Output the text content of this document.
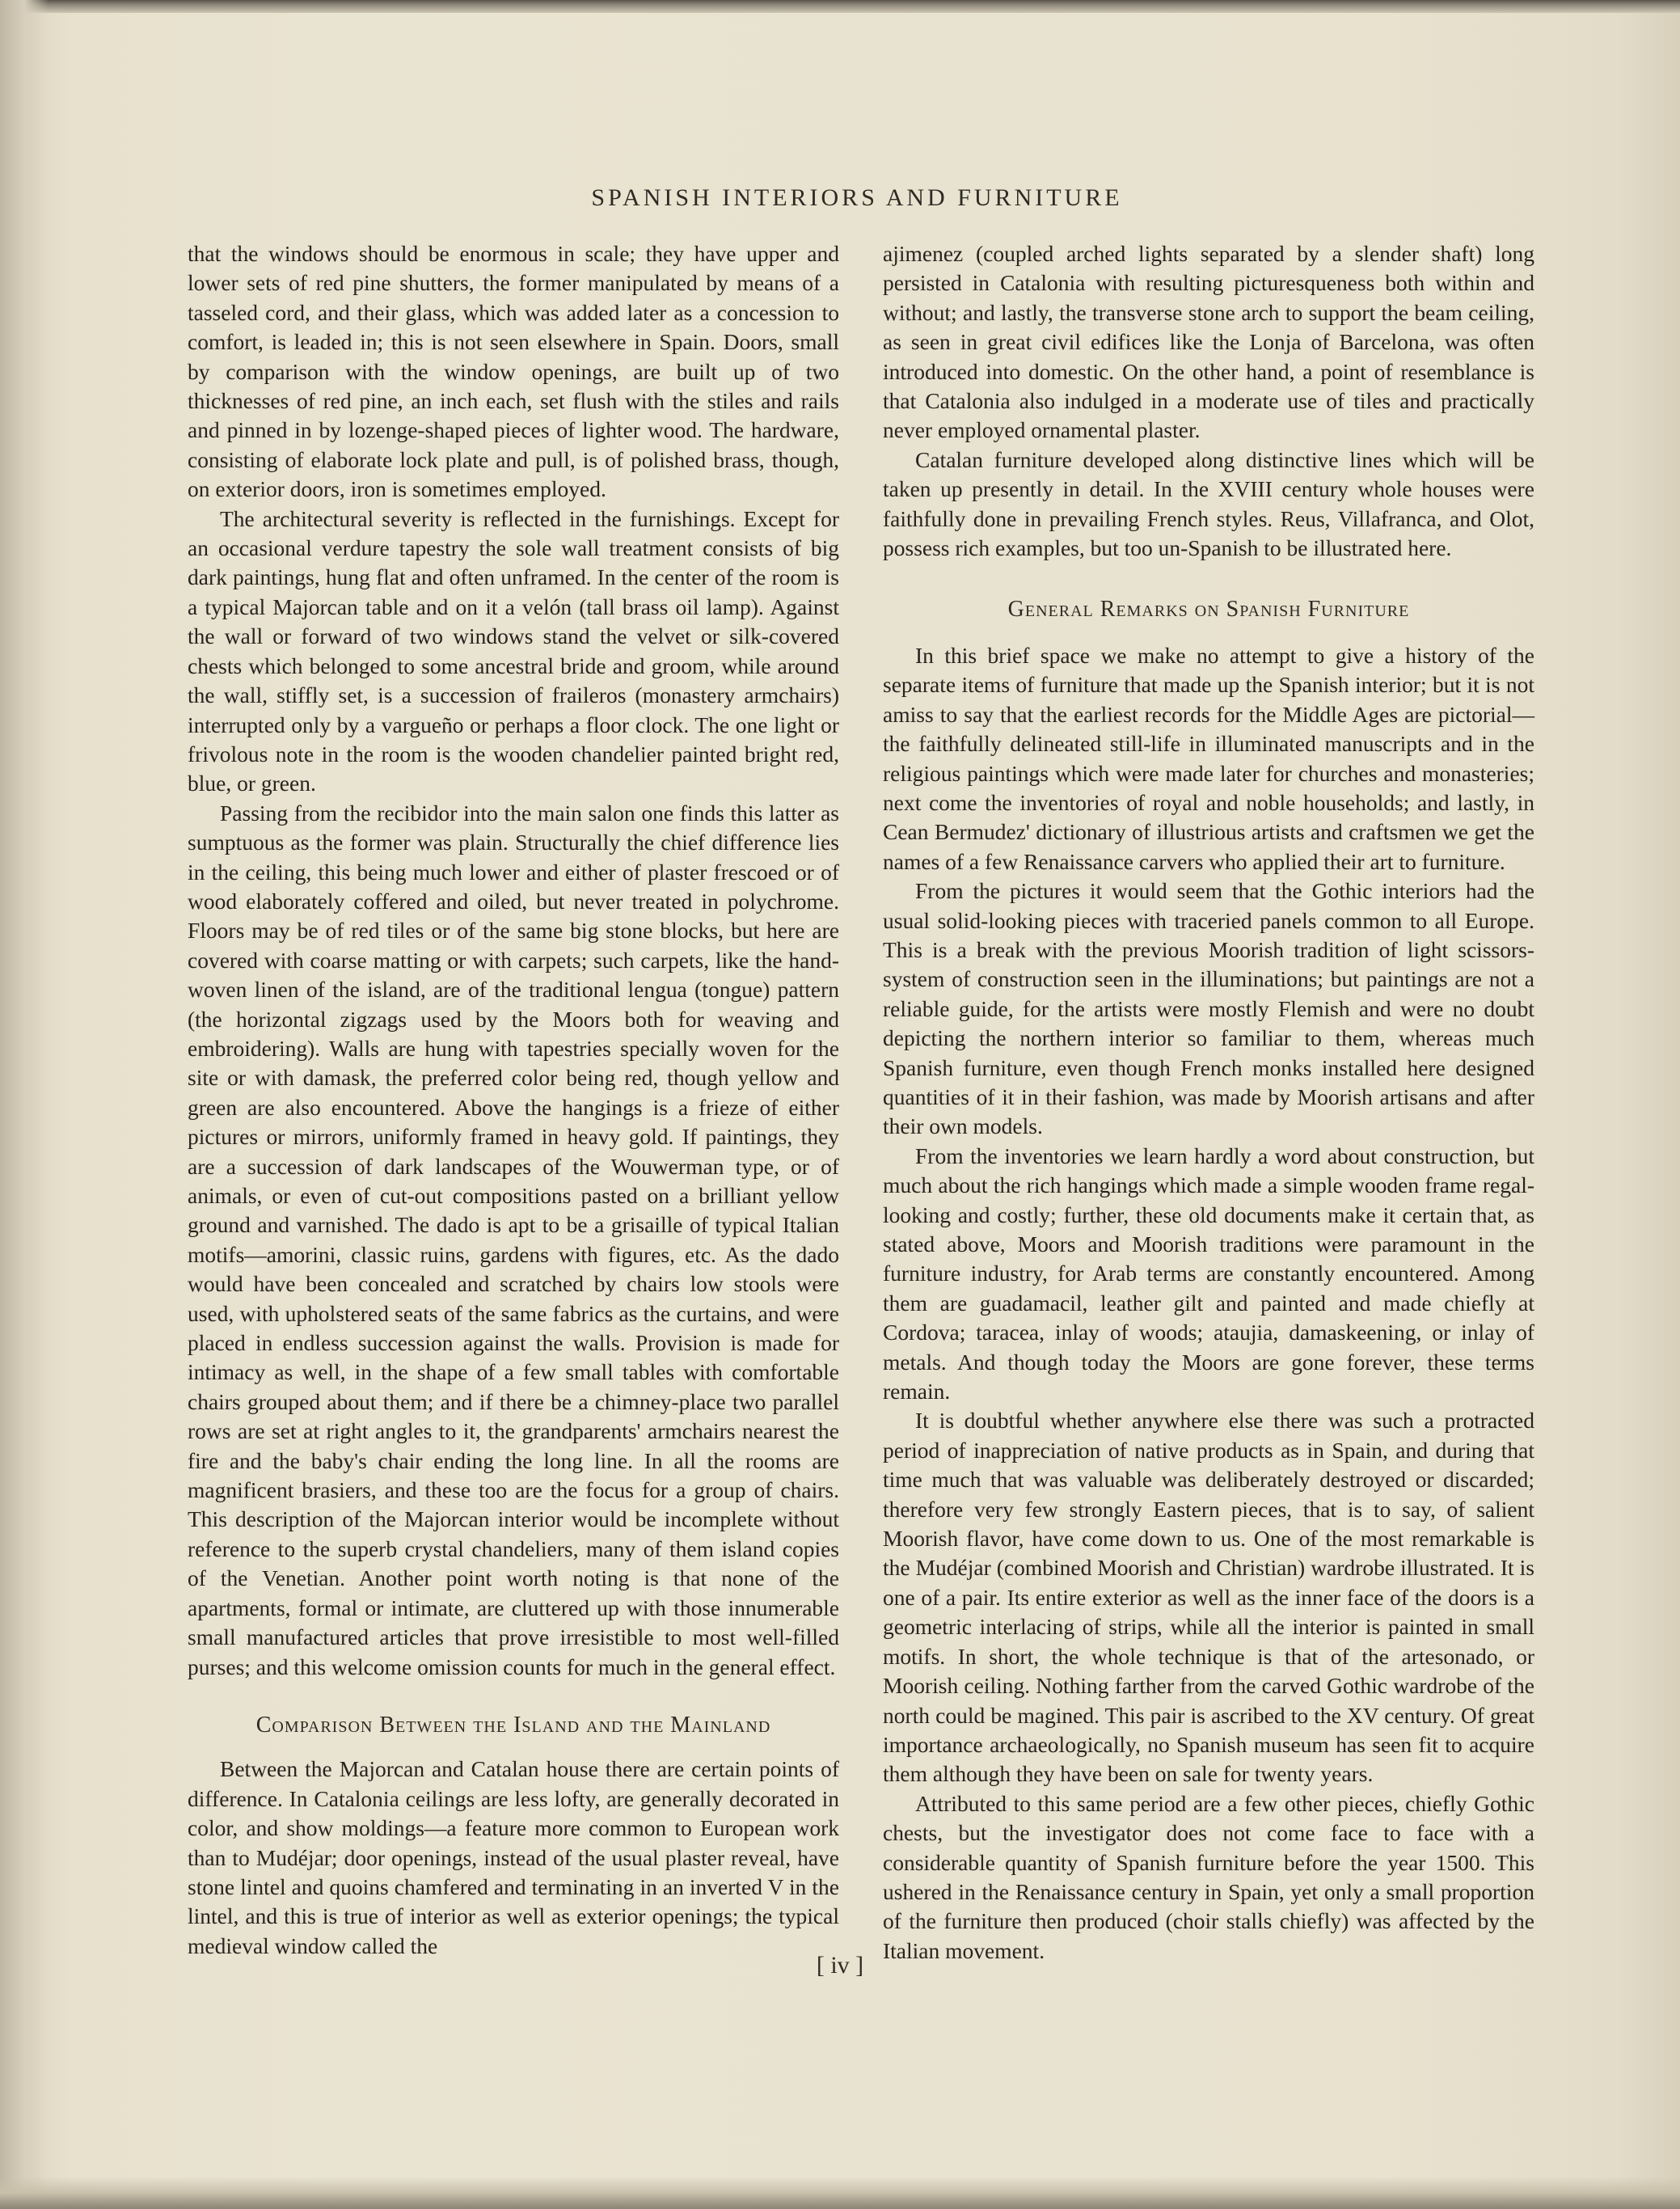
SPANISH INTERIORS AND FURNITURE

that the windows should be enormous in scale; they have upper and lower sets of red pine shutters, the former manipulated by means of a tasseled cord, and their glass, which was added later as a concession to comfort, is leaded in; this is not seen elsewhere in Spain. Doors, small by comparison with the window openings, are built up of two thicknesses of red pine, an inch each, set flush with the stiles and rails and pinned in by lozenge-shaped pieces of lighter wood. The hardware, consisting of elaborate lock plate and pull, is of polished brass, though, on exterior doors, iron is sometimes employed.

The architectural severity is reflected in the furnishings. Except for an occasional verdure tapestry the sole wall treatment consists of big dark paintings, hung flat and often unframed. In the center of the room is a typical Majorcan table and on it a velón (tall brass oil lamp). Against the wall or forward of two windows stand the velvet or silk-covered chests which belonged to some ancestral bride and groom, while around the wall, stiffly set, is a succession of fraileros (monastery armchairs) interrupted only by a vargueño or perhaps a floor clock. The one light or frivolous note in the room is the wooden chandelier painted bright red, blue, or green.

Passing from the recibidor into the main salon one finds this latter as sumptuous as the former was plain. Structurally the chief difference lies in the ceiling, this being much lower and either of plaster frescoed or of wood elaborately coffered and oiled, but never treated in polychrome. Floors may be of red tiles or of the same big stone blocks, but here are covered with coarse matting or with carpets; such carpets, like the hand-woven linen of the island, are of the traditional lengua (tongue) pattern (the horizontal zigzags used by the Moors both for weaving and embroidering). Walls are hung with tapestries specially woven for the site or with damask, the preferred color being red, though yellow and green are also encountered. Above the hangings is a frieze of either pictures or mirrors, uniformly framed in heavy gold. If paintings, they are a succession of dark landscapes of the Wouwerman type, or of animals, or even of cut-out compositions pasted on a brilliant yellow ground and varnished. The dado is apt to be a grisaille of typical Italian motifs—amorini, classic ruins, gardens with figures, etc. As the dado would have been concealed and scratched by chairs low stools were used, with upholstered seats of the same fabrics as the curtains, and were placed in endless succession against the walls. Provision is made for intimacy as well, in the shape of a few small tables with comfortable chairs grouped about them; and if there be a chimney-place two parallel rows are set at right angles to it, the grandparents' armchairs nearest the fire and the baby's chair ending the long line. In all the rooms are magnificent brasiers, and these too are the focus for a group of chairs. This description of the Majorcan interior would be incomplete without reference to the superb crystal chandeliers, many of them island copies of the Venetian. Another point worth noting is that none of the apartments, formal or intimate, are cluttered up with those innumerable small manufactured articles that prove irresistible to most well-filled purses; and this welcome omission counts for much in the general effect.

Comparison Between the Island and the Mainland

Between the Majorcan and Catalan house there are certain points of difference. In Catalonia ceilings are less lofty, are generally decorated in color, and show moldings—a feature more common to European work than to Mudéjar; door openings, instead of the usual plaster reveal, have stone lintel and quoins chamfered and terminating in an inverted V in the lintel, and this is true of interior as well as exterior openings; the typical medieval window called the

ajimenez (coupled arched lights separated by a slender shaft) long persisted in Catalonia with resulting picturesqueness both within and without; and lastly, the transverse stone arch to support the beam ceiling, as seen in great civil edifices like the Lonja of Barcelona, was often introduced into domestic. On the other hand, a point of resemblance is that Catalonia also indulged in a moderate use of tiles and practically never employed ornamental plaster.

Catalan furniture developed along distinctive lines which will be taken up presently in detail. In the XVIII century whole houses were faithfully done in prevailing French styles. Reus, Villafranca, and Olot, possess rich examples, but too un-Spanish to be illustrated here.

General Remarks on Spanish Furniture

In this brief space we make no attempt to give a history of the separate items of furniture that made up the Spanish interior; but it is not amiss to say that the earliest records for the Middle Ages are pictorial—the faithfully delineated still-life in illuminated manuscripts and in the religious paintings which were made later for churches and monasteries; next come the inventories of royal and noble households; and lastly, in Cean Bermudez' dictionary of illustrious artists and craftsmen we get the names of a few Renaissance carvers who applied their art to furniture.

From the pictures it would seem that the Gothic interiors had the usual solid-looking pieces with traceried panels common to all Europe. This is a break with the previous Moorish tradition of light scissors-system of construction seen in the illuminations; but paintings are not a reliable guide, for the artists were mostly Flemish and were no doubt depicting the northern interior so familiar to them, whereas much Spanish furniture, even though French monks installed here designed quantities of it in their fashion, was made by Moorish artisans and after their own models.

From the inventories we learn hardly a word about construction, but much about the rich hangings which made a simple wooden frame regal-looking and costly; further, these old documents make it certain that, as stated above, Moors and Moorish traditions were paramount in the furniture industry, for Arab terms are constantly encountered. Among them are guadamacil, leather gilt and painted and made chiefly at Cordova; taracea, inlay of woods; ataujia, damaskeening, or inlay of metals. And though today the Moors are gone forever, these terms remain.

It is doubtful whether anywhere else there was such a protracted period of inappreciation of native products as in Spain, and during that time much that was valuable was deliberately destroyed or discarded; therefore very few strongly Eastern pieces, that is to say, of salient Moorish flavor, have come down to us. One of the most remarkable is the Mudéjar (combined Moorish and Christian) wardrobe illustrated. It is one of a pair. Its entire exterior as well as the inner face of the doors is a geometric interlacing of strips, while all the interior is painted in small motifs. In short, the whole technique is that of the artesonado, or Moorish ceiling. Nothing farther from the carved Gothic wardrobe of the north could be magined. This pair is ascribed to the XV century. Of great importance archaeologically, no Spanish museum has seen fit to acquire them although they have been on sale for twenty years.

Attributed to this same period are a few other pieces, chiefly Gothic chests, but the investigator does not come face to face with a considerable quantity of Spanish furniture before the year 1500. This ushered in the Renaissance century in Spain, yet only a small proportion of the furniture then produced (choir stalls chiefly) was affected by the Italian movement.

[ iv ]
